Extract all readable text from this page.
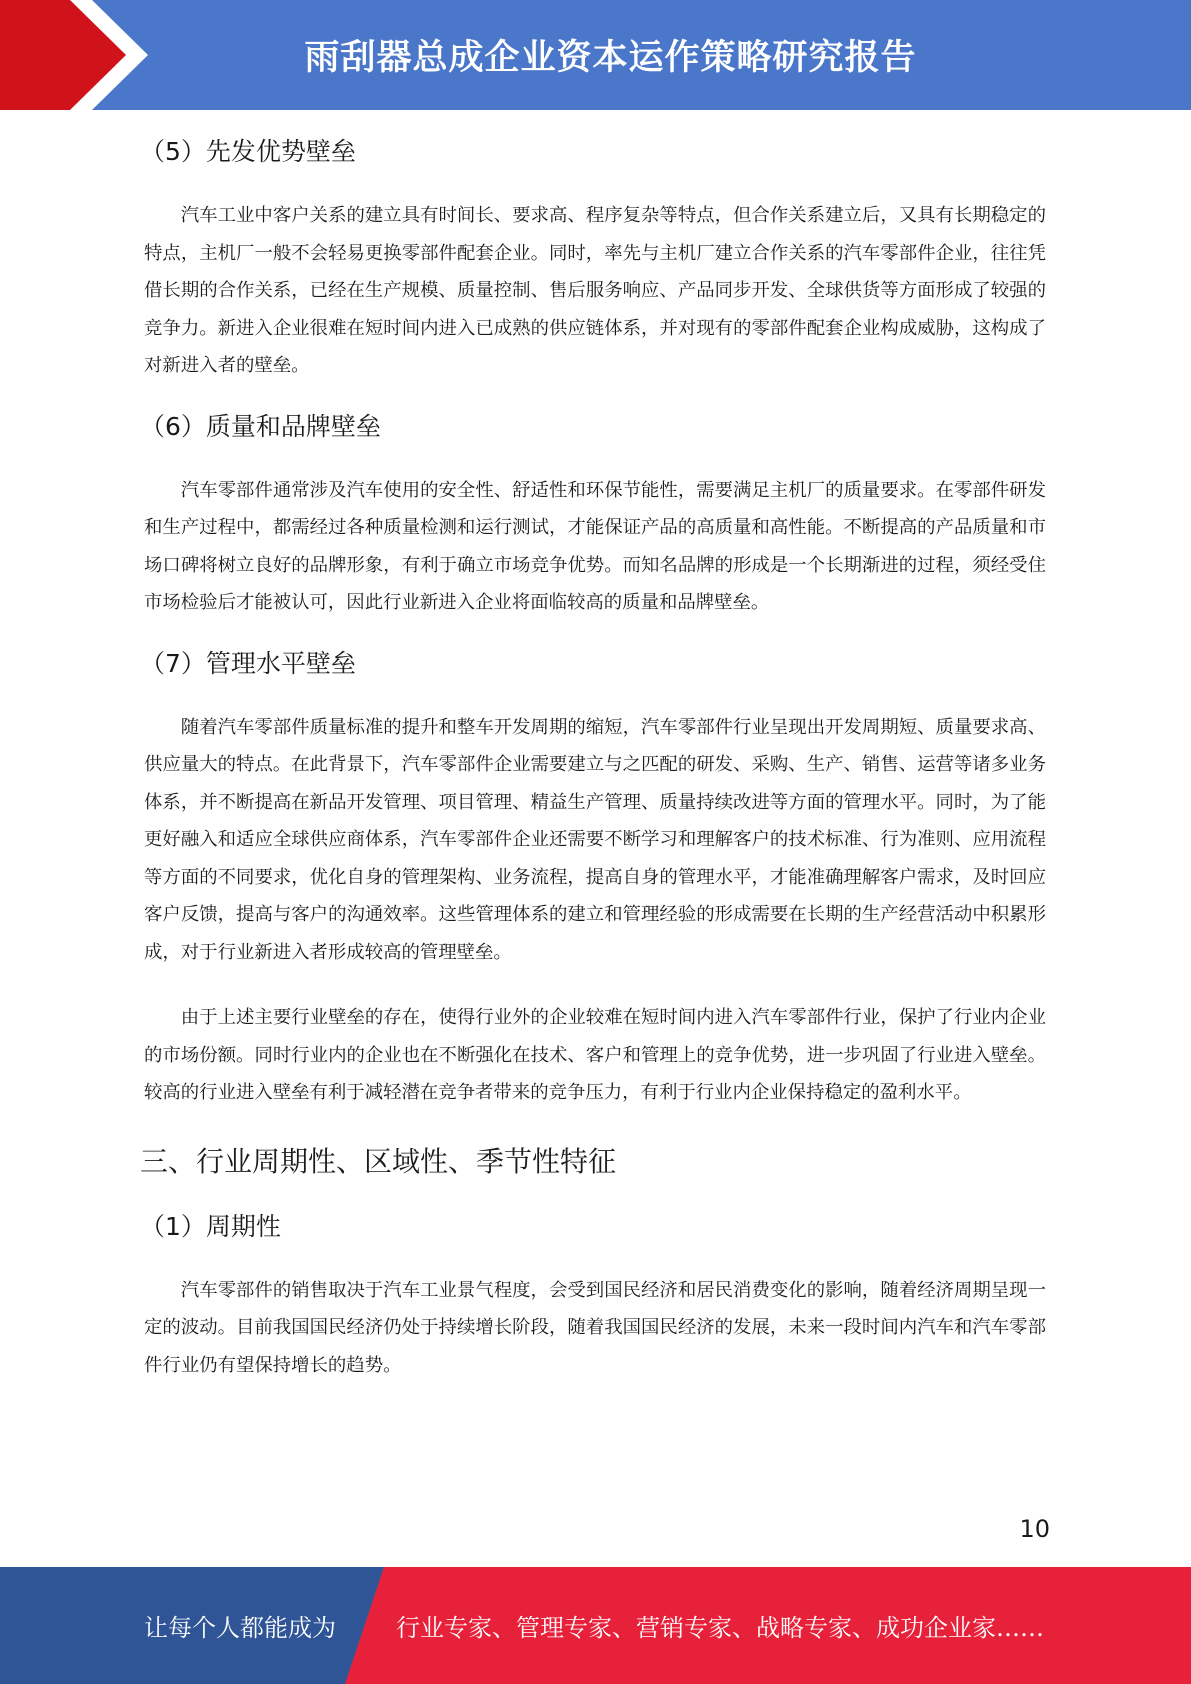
雨刮器总成企业资本运作策略研究报告
（5）先发优势壁垒

汽车工业中客户关系的建立具有时间长、要求高、程序复杂等特点，但合作关系建立后，又具有长期稳定的特点，主机厂一般不会轻易更换零部件配套企业。同时，率先与主机厂建立合作关系的汽车零部件企业，往往凭借长期的合作关系，已经在生产规模、质量控制、售后服务响应、产品同步开发、全球供货等方面形成了较强的竞争力。新进入企业很难在短时间内进入已成熟的供应链体系，并对现有的零部件配套企业构成威胁，这构成了对新进入者的壁垒。

（6）质量和品牌壁垒

汽车零部件通常涉及汽车使用的安全性、舒适性和环保节能性，需要满足主机厂的质量要求。在零部件研发和生产过程中，都需经过各种质量检测和运行测试，才能保证产品的高质量和高性能。不断提高的产品质量和市场口碑将树立良好的品牌形象，有利于确立市场竞争优势。而知名品牌的形成是一个长期渐进的过程，须经受住市场检验后才能被认可，因此行业新进入企业将面临较高的质量和品牌壁垒。

（7）管理水平壁垒

随着汽车零部件质量标准的提升和整车开发周期的缩短，汽车零部件行业呈现出开发周期短、质量要求高、供应量大的特点。在此背景下，汽车零部件企业需要建立与之匹配的研发、采购、生产、销售、运营等诸多业务体系，并不断提高在新品开发管理、项目管理、精益生产管理、质量持续改进等方面的管理水平。同时，为了能更好融入和适应全球供应商体系，汽车零部件企业还需要不断学习和理解客户的技术标准、行为准则、应用流程等方面的不同要求，优化自身的管理架构、业务流程，提高自身的管理水平，才能准确理解客户需求，及时回应客户反馈，提高与客户的沟通效率。这些管理体系的建立和管理经验的形成需要在长期的生产经营活动中积累形成，对于行业新进入者形成较高的管理壁垒。

由于上述主要行业壁垒的存在，使得行业外的企业较难在短时间内进入汽车零部件行业，保护了行业内企业的市场份额。同时行业内的企业也在不断强化在技术、客户和管理上的竞争优势，进一步巩固了行业进入壁垒。较高的行业进入壁垒有利于减轻潜在竞争者带来的竞争压力，有利于行业内企业保持稳定的盈利水平。

三、行业周期性、区域性、季节性特征
（1）周期性

汽车零部件的销售取决于汽车工业景气程度，会受到国民经济和居民消费变化的影响，随着经济周期呈现一定的波动。目前我国国民经济仍处于持续增长阶段，随着我国国民经济的发展，未来一段时间内汽车和汽车零部件行业仍有望保持增长的趋势。

10
让每个人都能成为	行业专家、管理专家、营销专家、战略专家、成功企业家……
